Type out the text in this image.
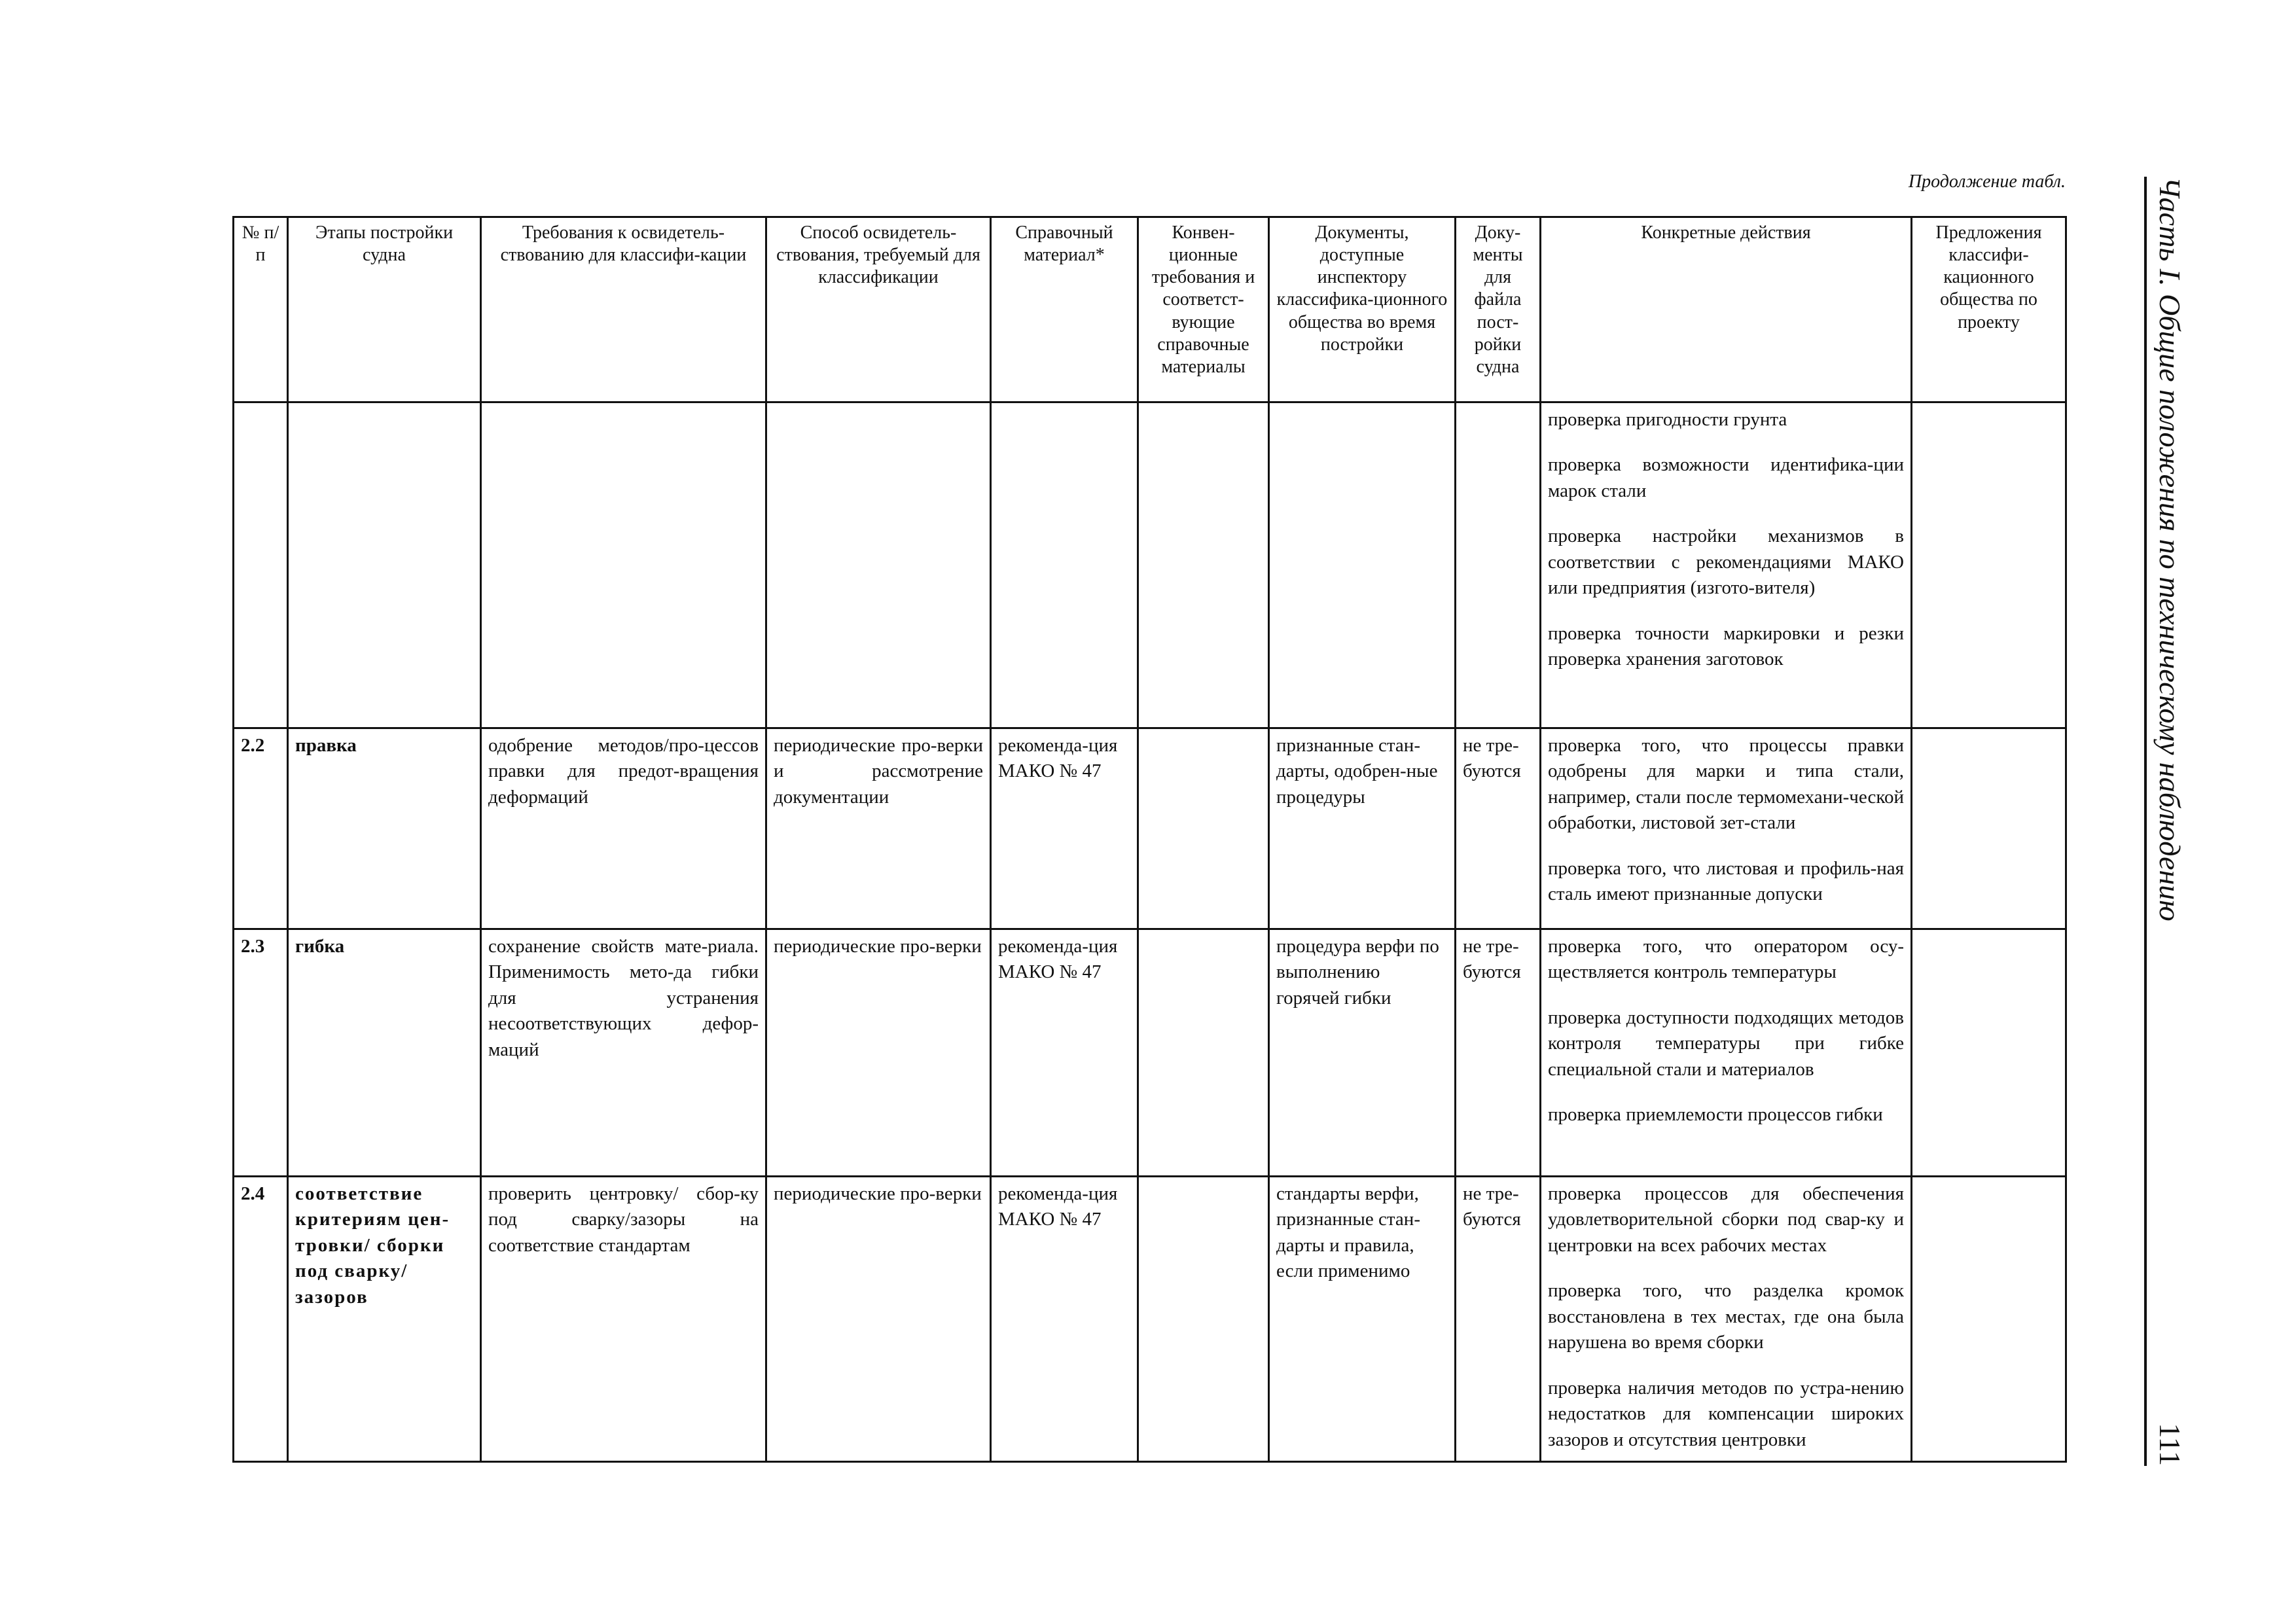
Продолжение табл.
№ п/п	Этапы постройки судна	Требования к освидетель-ствованию для классифи-кации	Способ освидетель-ствования, требуемый для классификации	Справочный материал*	Конвен-ционные требования и соответст-вующие справочные материалы	Документы, доступные инспектору классифика-ционного общества во время постройки	Доку-менты для файла пост-ройки судна	Конкретные действия	Предложения классифи-кационного общества по проекту

								проверка пригодности грунта

проверка возможности идентифика-ции марок стали

проверка настройки механизмов в соответствии с рекомендациями МАКО или предприятия (изгото-вителя)

проверка точности маркировки и резки проверка хранения заготовок	

2.2	правка	одобрение методов/про-цессов правки для предот-вращения деформаций	периодические про-верки и рассмотрение документации	рекоменда-ция МАКО № 47		признанные стан-дарты, одобрен-ные процедуры	не тре-буются	проверка того, что процессы правки одобрены для марки и типа стали, например, стали после термомехани-ческой обработки, листовой зет-стали

проверка того, что листовая и профиль-ная сталь имеют признанные допуски	

2.3	гибка	сохранение свойств мате-риала. Применимость мето-да гибки для устранения несоответствующих дефор-маций	периодические про-верки	рекоменда-ция МАКО № 47		процедура верфи по выполнению горячей гибки	не тре-буются	проверка того, что оператором осу-ществляется контроль температуры

проверка доступности подходящих методов контроля температуры при гибке специальной стали и материалов

проверка приемлемости процессов гибки	

2.4	соответствие критериям цен-тровки/ сборки под сварку/ зазоров	проверить центровку/ сбор-ку под сварку/зазоры на соответствие стандартам	периодические про-верки	рекоменда-ция МАКО № 47		стандарты верфи, признанные стан-дарты и правила, если применимо	не тре-буются	проверка процессов для обеспечения удовлетворительной сборки под свар-ку и центровки на всех рабочих местах

проверка того, что разделка кромок восстановлена в тех местах, где она была нарушена во время сборки

проверка наличия методов по устра-нению недостатков для компенсации широких зазоров и отсутствия центровки	

Часть I. Общие положения по техническому наблюдению
111
